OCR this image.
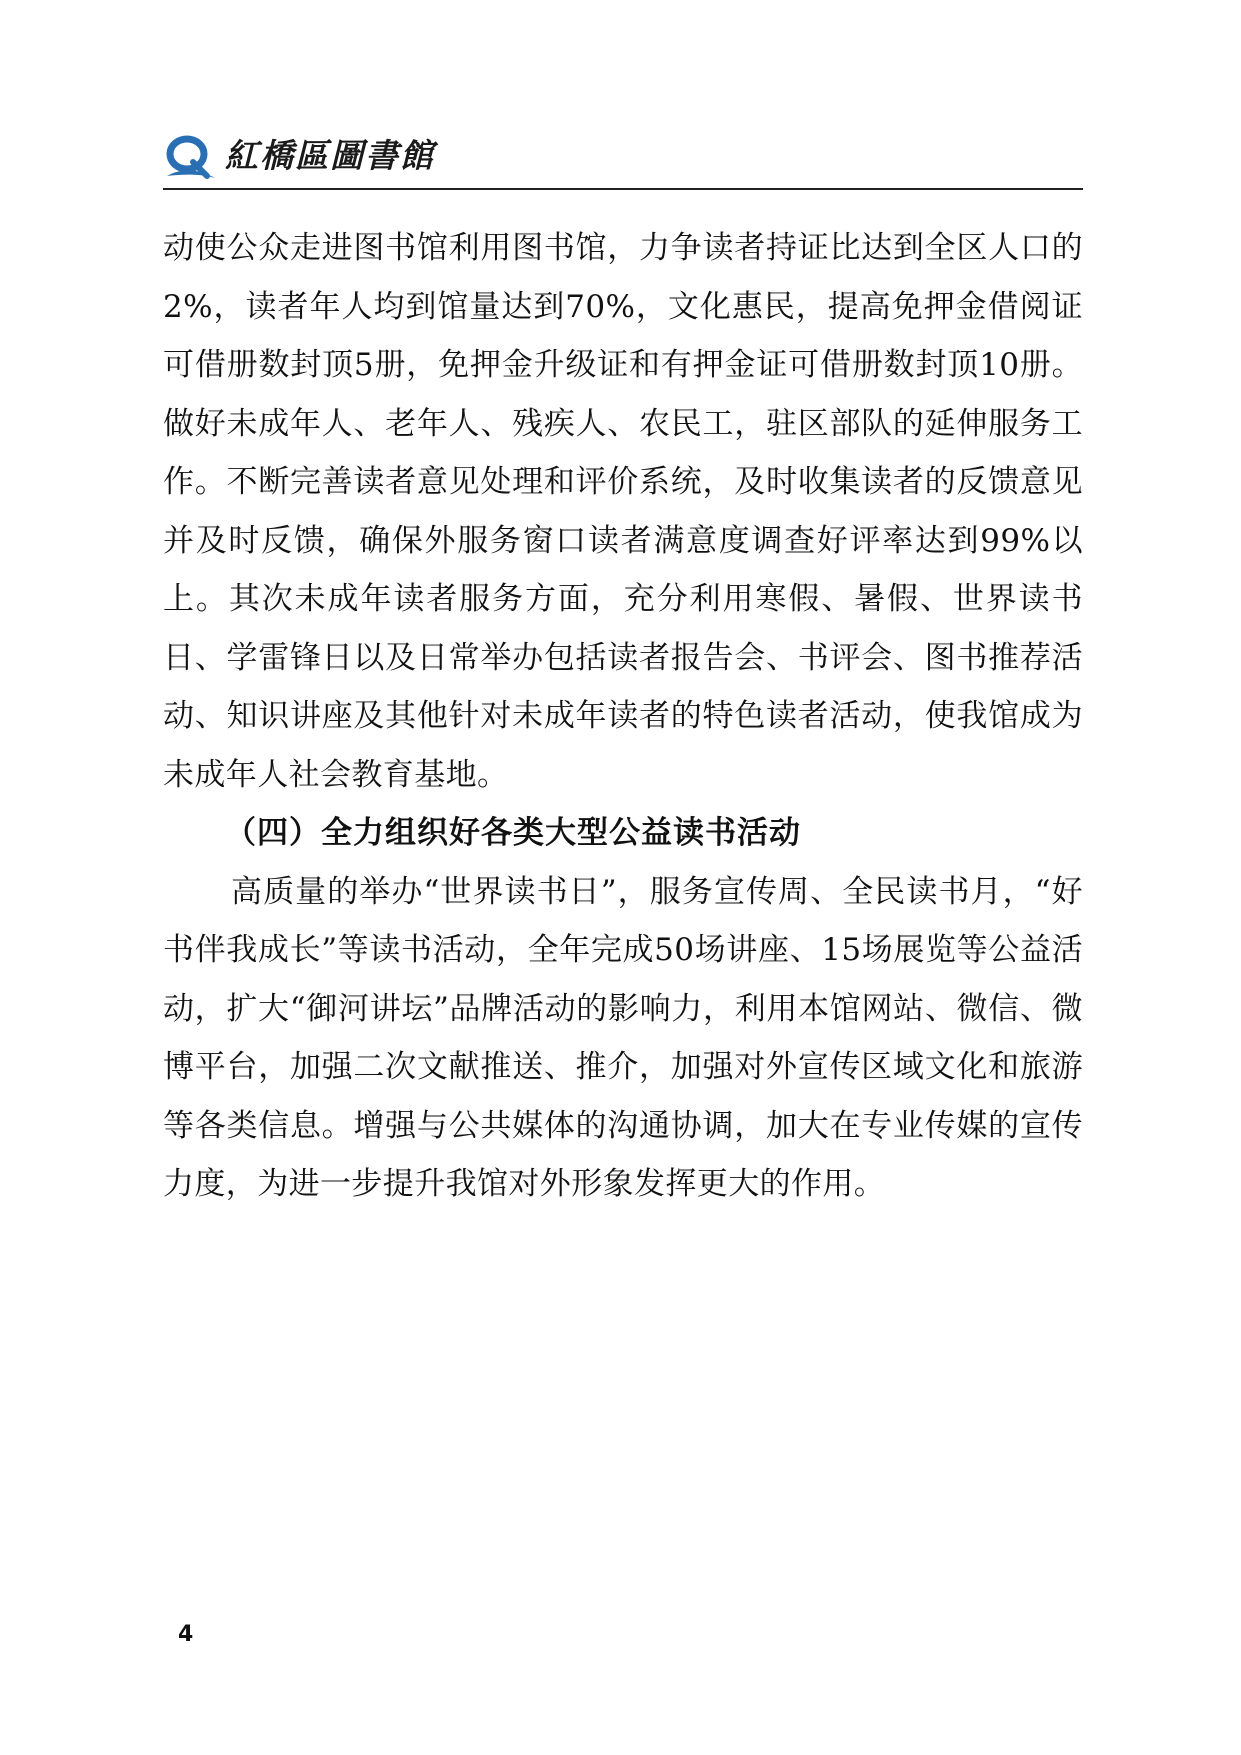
紅橋區圖書館

动使公众走进图书馆利用图书馆，力争读者持证比达到全区人口的2%，读者年人均到馆量达到70%，文化惠民，提高免押金借阅证可借册数封顶5册，免押金升级证和有押金证可借册数封顶10册。做好未成年人、老年人、残疾人、农民工，驻区部队的延伸服务工作。不断完善读者意见处理和评价系统，及时收集读者的反馈意见并及时反馈，确保外服务窗口读者满意度调查好评率达到99%以上。其次未成年读者服务方面，充分利用寒假、暑假、世界读书日、学雷锋日以及日常举办包括读者报告会、书评会、图书推荐活动、知识讲座及其他针对未成年读者的特色读者活动，使我馆成为未成年人社会教育基地。

（四）全力组织好各类大型公益读书活动

高质量的举办“世界读书日”，服务宣传周、全民读书月，“好书伴我成长”等读书活动，全年完成50场讲座、15场展览等公益活动，扩大“御河讲坛”品牌活动的影响力，利用本馆网站、微信、微博平台，加强二次文献推送、推介，加强对外宣传区域文化和旅游等各类信息。增强与公共媒体的沟通协调，加大在专业传媒的宣传力度，为进一步提升我馆对外形象发挥更大的作用。

4
